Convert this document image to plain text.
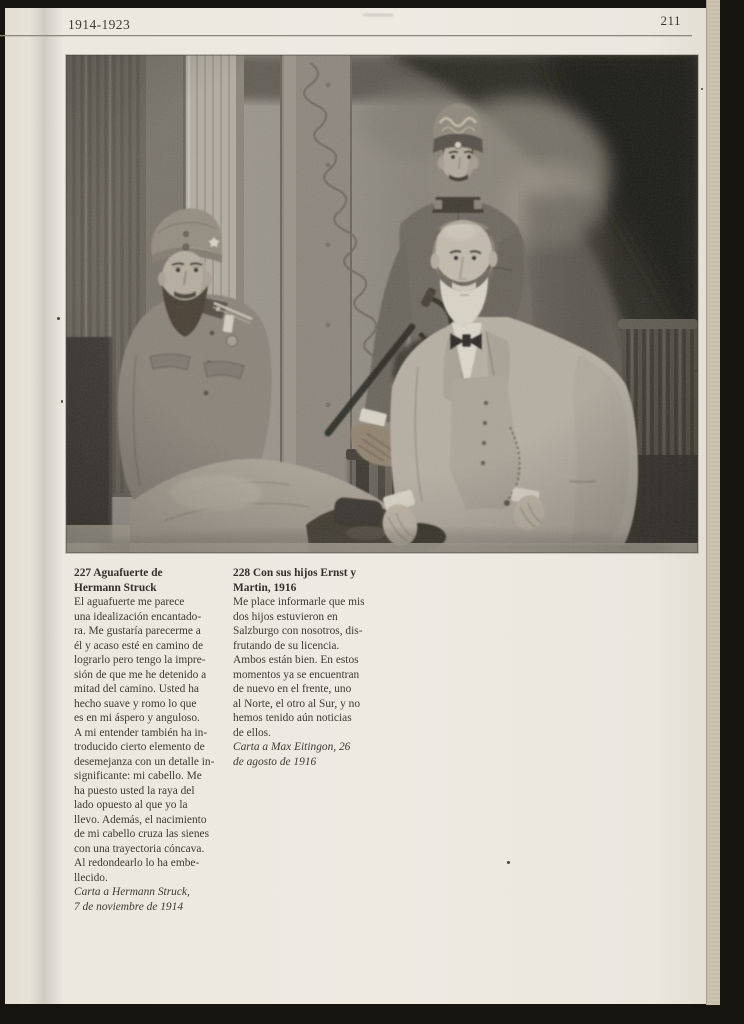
1914-1923	211
227 Aguafuerte de
Hermann Struck
El aguafuerte me parece
una idealización encantado-
ra. Me gustaría parecerme a
él y acaso esté en camino de
lograrlo pero tengo la impre-
sión de que me he detenido a
mitad del camino. Usted ha
hecho suave y romo lo que
es en mi áspero y anguloso.
A mi entender también ha in-
troducido cierto elemento de
desemejanza con un detalle in-
significante: mi cabello. Me
ha puesto usted la raya del
lado opuesto al que yo la
llevo. Además, el nacimiento
de mi cabello cruza las sienes
con una trayectoria cóncava.
Al redondearlo lo ha embe-
llecido.
Carta a Hermann Struck,
7 de noviembre de 1914
228 Con sus hijos Ernst y
Martin, 1916
Me place informarle que mis
dos hijos estuvieron en
Salzburgo con nosotros, dis-
frutando de su licencia.
Ambos están bien. En estos
momentos ya se encuentran
de nuevo en el frente, uno
al Norte, el otro al Sur, y no
hemos tenido aún noticias
de ellos.
Carta a Max Eitingon, 26
de agosto de 1916
